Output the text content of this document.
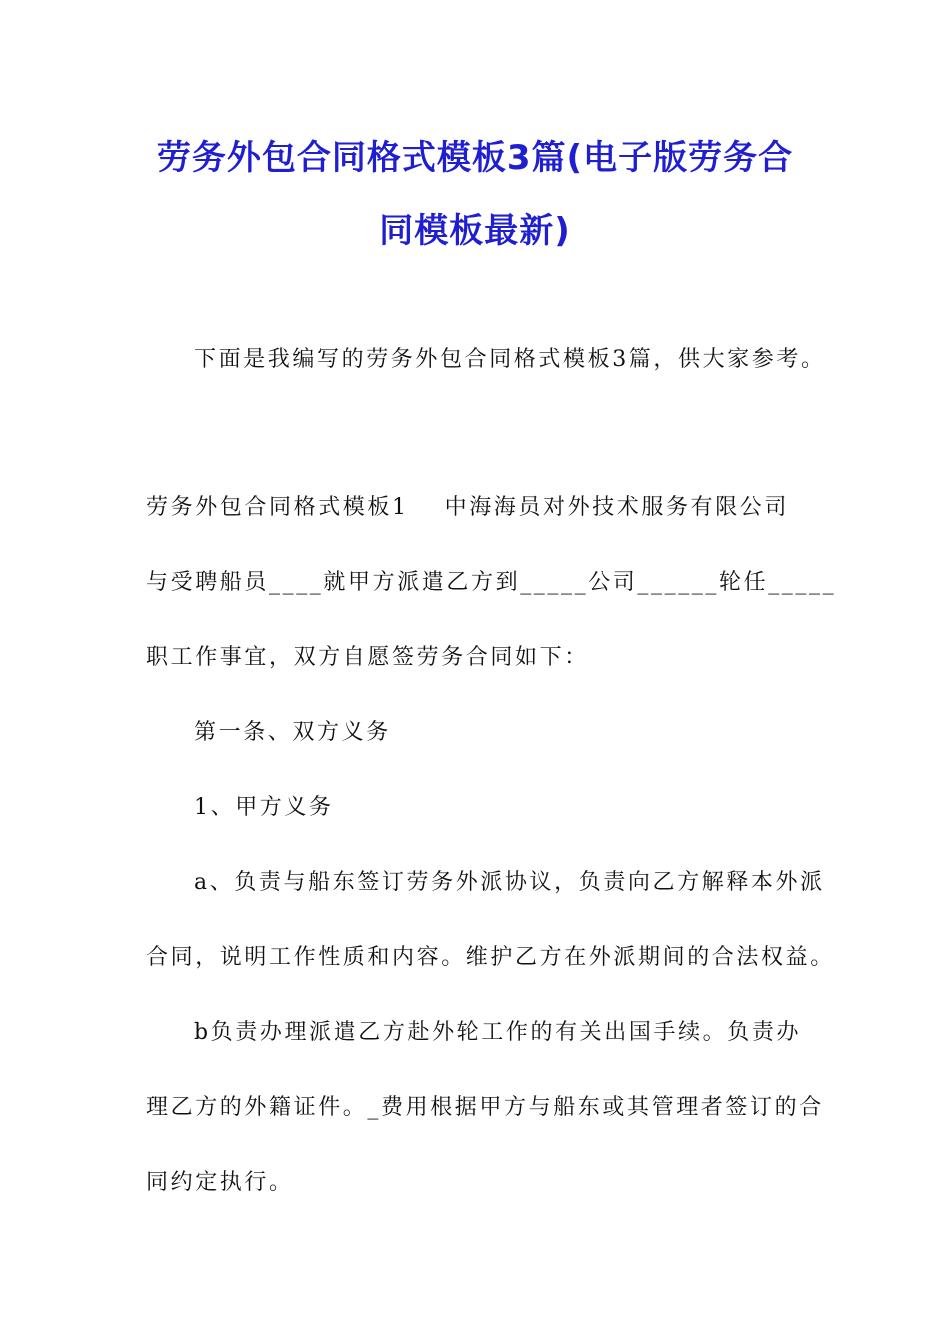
劳务外包合同格式模板3篇(电子版劳务合
同模板最新)
下面是我编写的劳务外包合同格式模板3篇，供大家参考。
劳务外包合同格式模板1 中海海员对外技术服务有限公司
与受聘船员____就甲方派遣乙方到_____公司______轮任_____
职工作事宜，双方自愿签劳务合同如下：
第一条、双方义务
1、甲方义务
a、负责与船东签订劳务外派协议，负责向乙方解释本外派
合同，说明工作性质和内容。维护乙方在外派期间的合法权益。
b负责办理派遣乙方赴外轮工作的有关出国手续。负责办
理乙方的外籍证件。_费用根据甲方与船东或其管理者签订的合
同约定执行。
